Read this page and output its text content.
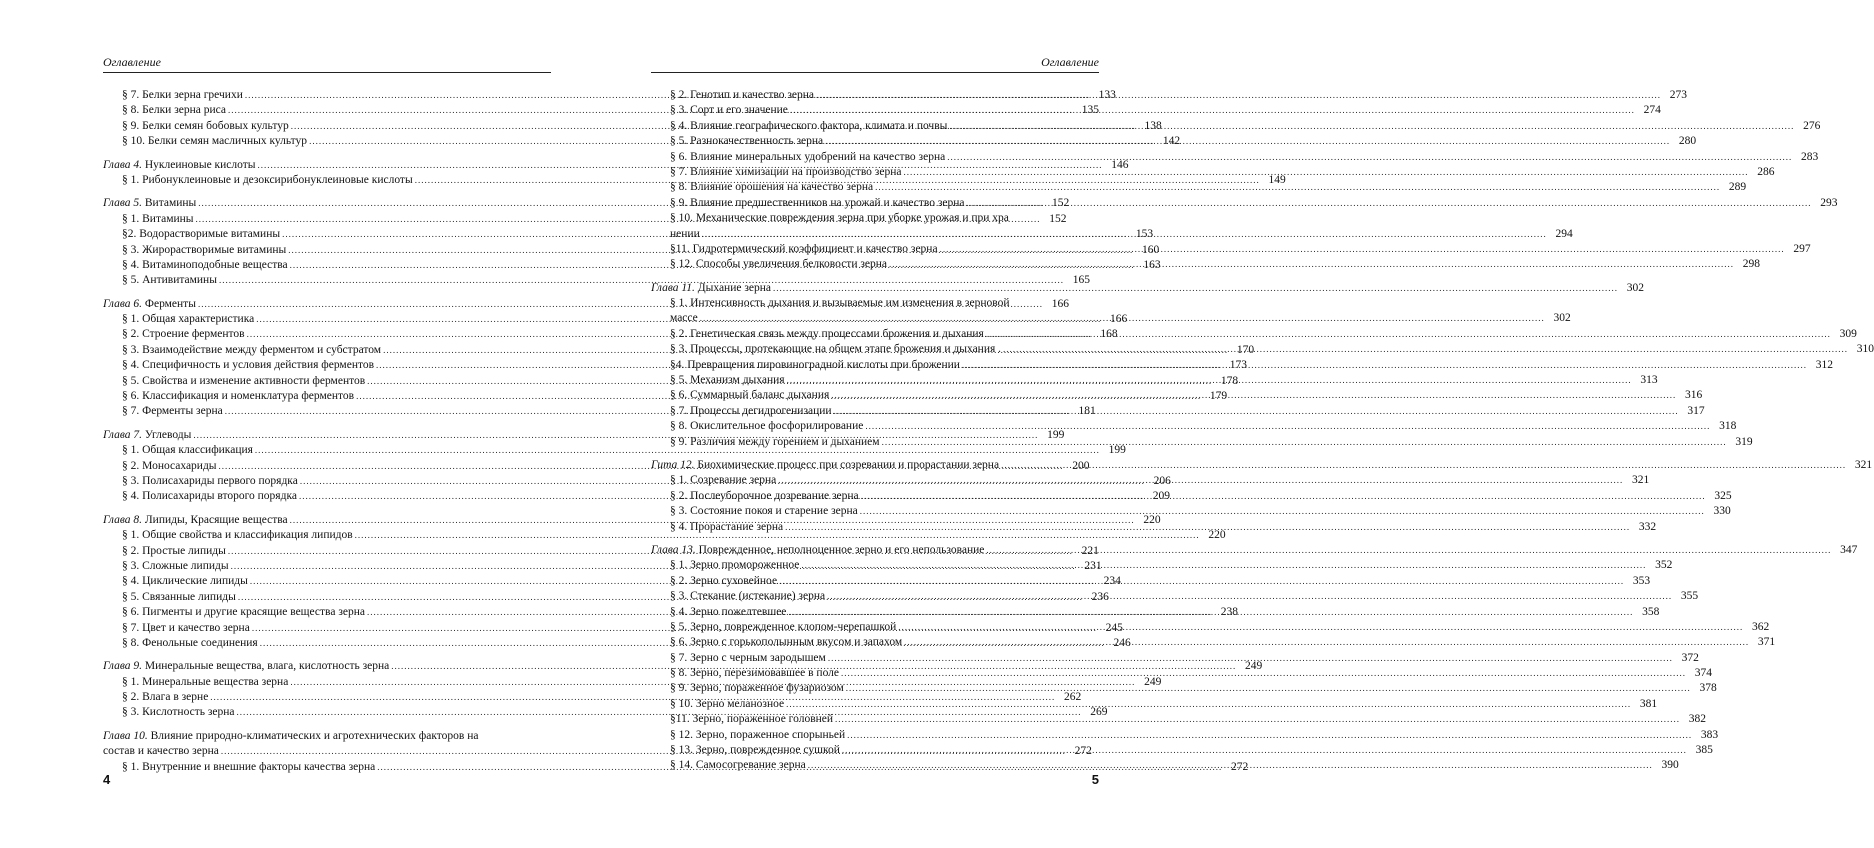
Оглавление
§ 7. Белки зерна гречихи .....	133
§ 8. Белки зерна риса .....	135
§ 9. Белки семян бобовых культур .....	138
§ 10. Белки семян масличных культур .....	142
Глава 4. Нуклеиновые кислоты .....	146
§ 1. Рибонуклеиновые и дезоксирибонуклеиновые кислоты .....	149
Глава 5. Витамины .....	152
§ 1. Витамины .....	152
§2. Водорастворимые витамины .....	153
§ 3. Жирорастворимые витамины .....	160
§ 4. Витаминоподобные вещества .....	163
§ 5. Антивитамины .....	165
Глава 6. Ферменты .....	166
§ 1. Общая характеристика .....	166
§ 2. Строение ферментов .....	168
§ 3. Взаимодействие между ферментом и субстратом .....	170
§ 4. Специфичность и условия действия ферментов .....	173
§ 5. Свойства и изменение активности ферментов .....	178
§ 6. Классификация и номенклатура ферментов .....	179
§ 7. Ферменты зерна .....	181
Глава 7. Углеводы .....	199
§ 1. Общая классификация .....	199
§ 2. Моносахариды .....	200
§ 3. Полисахариды первого порядка .....	206
§ 4. Полисахариды второго порядка .....	209
Глава 8. Липиды, Красящие вещества .....	220
§ 1. Общие свойства и классификация липидов .....	220
§ 2. Простые липиды .....	221
§ 3. Сложные липиды .....	231
§ 4. Циклические липиды .....	234
§ 5. Связанные липиды .....	236
§ 6. Пигменты и другие красящие вещества зерна .....	238
§ 7. Цвет и качество зерна .....	245
§ 8. Фенольные соединения .....	246
Глава 9. Минеральные вещества, влага, кислотность зерна .....	249
§ 1. Минеральные вещества зерна .....	249
§ 2. Влага в зерне .....	262
§ 3. Кислотность зерна .....	269
Глава 10. Влияние природно-климатических и агротехнических факторов на
состав и качество зерна .....	272
§ 1. Внутренние и внешние факторы качества зерна .....	272
4
Оглавление
§ 2. Генотип и качество зерна .....	273
§ 3. Сорт и его значение .....	274
§ 4. Влияние географического фактора, климата и почвы .....	276
§ 5. Разнокачественность зерна .....	280
§ 6. Влияние минеральных удобрений на качество зерна .....	283
§ 7. Влияние химизации на производство зерна .....	286
§ 8. Влияние орошения на качество зерна .....	289
§ 9. Влияние предшественников на урожай и качество зерна .....	293
§ 10. Механические повреждения зерна при уборке урожая и при хра
нении .....	294
§11. Гидротермический коэффициент и качество зерна .....	297
§ 12. Способы увеличения белковости зерна .....	298
Глава 11. Дыхание зерна .....	302
§ 1. Интенсивность дыхания и вызываемые им изменения в зерновой
массе .....	302
§ 2. Генетическая связь между процессами брожения и дыхания .....	309
§ 3. Процессы, протекающие на общем этапе брожения и дыхания . .....	310
§4. Превращения пировиноградной кислоты при брожении .....	312
§ 5. Механизм дыхания .....	313
§ 6. Суммарный баланс дыхания .....	316
§ 7. Процессы дегидрогенизации .....	317
§ 8. Окислительное фосфорилирование .....	318
§ 9. Различия между горением и дыханием .....	319
Гита 12. Биохимические процесс при созревании и прорастании зерна .....	321
§ 1. Созревание зерна .....	321
§ 2. Послеуборочное дозревание зерна .....	325
§ 3. Состояние покоя и старение зерна .....	330
§ 4. Прорастание зерна .....	332
Глава 13. Поврежденное, неполноценное зерно и его непользование .....	347
§ 1. Зерно промороженное .....	352
§ 2. Зерно суховейное .....	353
§ 3. Стекание (истекание) зерна .....	355
§ 4. Зерно пожелтевшее .....	358
§ 5. Зерно, поврежденное клопом-черепашкой .....	362
§ 6. Зерно с горькополынным вкусом и запахом .....	371
§ 7. Зерно с черным зародышем .....	372
§ 8. Зерно, перезимовавшее в поле .....	374
§ 9. Зерно, пораженное фузариозом .....	378
§ 10. Зерно меланозное .....	381
§11. Зерно, пораженное головней .....	382
§ 12. Зерно, пораженное спорыньей .....	383
§ 13. Зерно, поврежденное сушкой .....	385
§ 14. Самосогревание зерна .....	390
5
